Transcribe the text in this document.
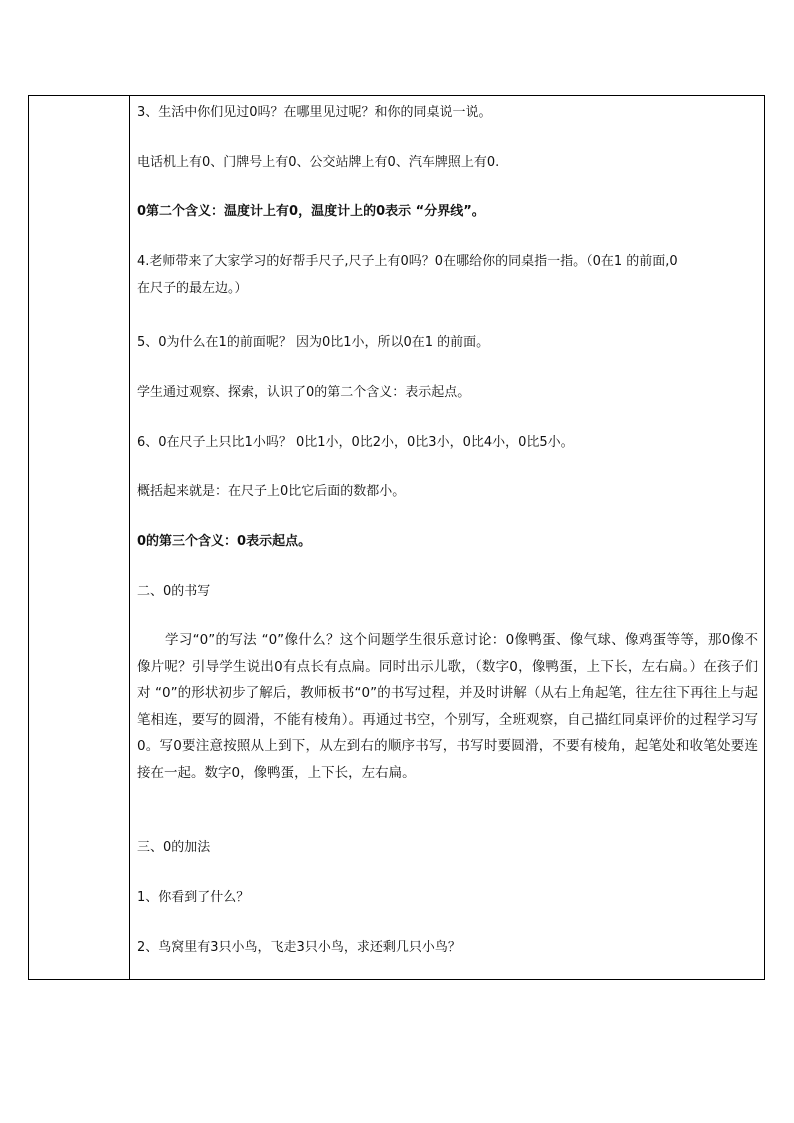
3、生活中你们见过0吗？在哪里见过呢？和你的同桌说一说。

电话机上有0、门牌号上有0、公交站牌上有0、汽车牌照上有0.

0第二个含义：温度计上有0，温度计上的0表示 “分界线”。

4.老师带来了大家学习的好帮手尺子,尺子上有0吗？0在哪给你的同桌指一指。（0在1 的前面,0

在尺子的最左边。）

5、0为什么在1的前面呢？ 因为0比1小，所以0在1 的前面。

学生通过观察、探索，认识了0的第二个含义：表示起点。

6、0在尺子上只比1小吗？ 0比1小，0比2小，0比3小，0比4小，0比5小。

概括起来就是：在尺子上0比它后面的数都小。

0的第三个含义：0表示起点。

二、0的书写

学习“0”的写法 “0”像什么？这个问题学生很乐意讨论：0像鸭蛋、像气球、像鸡蛋等等，那0像不像片呢？引导学生说出0有点长有点扁。同时出示儿歌，（数字0，像鸭蛋，上下长，左右扁。）在孩子们对 “0”的形状初步了解后，教师板书“0”的书写过程，并及时讲解（从右上角起笔，往左往下再往上与起笔相连，要写的圆滑，不能有棱角）。再通过书空，个别写，全班观察，自己描红同桌评价的过程学习写0。写0要注意按照从上到下，从左到右的顺序书写，书写时要圆滑，不要有棱角，起笔处和收笔处要连接在一起。数字0，像鸭蛋，上下长，左右扁。

三、0的加法

1、你看到了什么？

2、鸟窝里有3只小鸟，飞走3只小鸟，求还剩几只小鸟？
